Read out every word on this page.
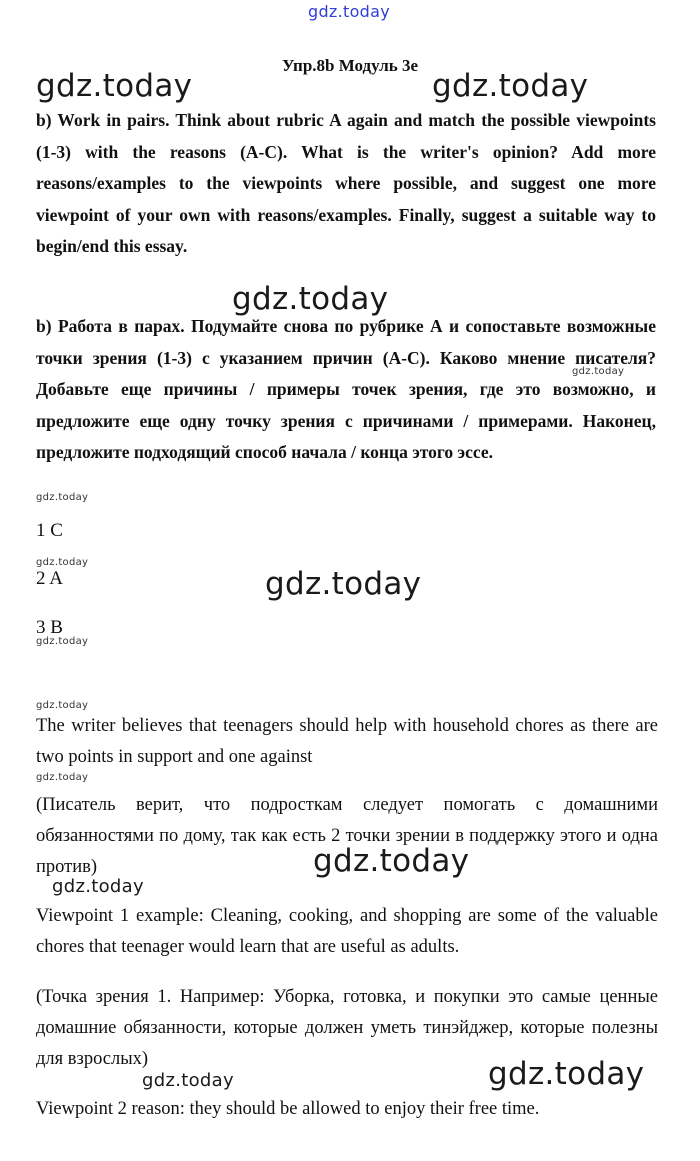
gdz.today
gdz.today	gdz.today
gdz.today
gdz.today
gdz.today
gdz.today
gdz.today
gdz.today
gdz.today
gdz.today
gdz.today
gdz.today
gdz.today	gdz.today
Упр.8b Модуль 3e

b) Work in pairs. Think about rubric A again and match the possible viewpoints (1-3) with the reasons (A-C). What is the writer's opinion? Add more reasons/examples to the viewpoints where possible, and suggest one more viewpoint of your own with reasons/examples. Finally, suggest a suitable way to begin/end this essay.

b) Работа в парах. Подумайте снова по рубрике А и сопоставьте возможные точки зрения (1-3) с указанием причин (А-С). Каково мнение писателя? Добавьте еще причины / примеры точек зрения, где это возможно, и предложите еще одну точку зрения с причинами / примерами. Наконец, предложите подходящий способ начала / конца этого эссе.

1 C
2 A
3 B

The writer believes that teenagers should help with household chores as there are two points in support and one against

(Писатель верит, что подросткам следует помогать с домашними обязанностями по дому, так как есть 2 точки зрении в поддержку этого и одна против)

Viewpoint 1 example: Cleaning, cooking, and shopping are some of the valuable chores that teenager would learn that are useful as adults.

(Точка зрения 1. Например: Уборка, готовка, и покупки это самые ценные домашние обязанности, которые должен уметь тинэйджер, которые полезны для взрослых)

Viewpoint 2 reason: they should be allowed to enjoy their free time.
